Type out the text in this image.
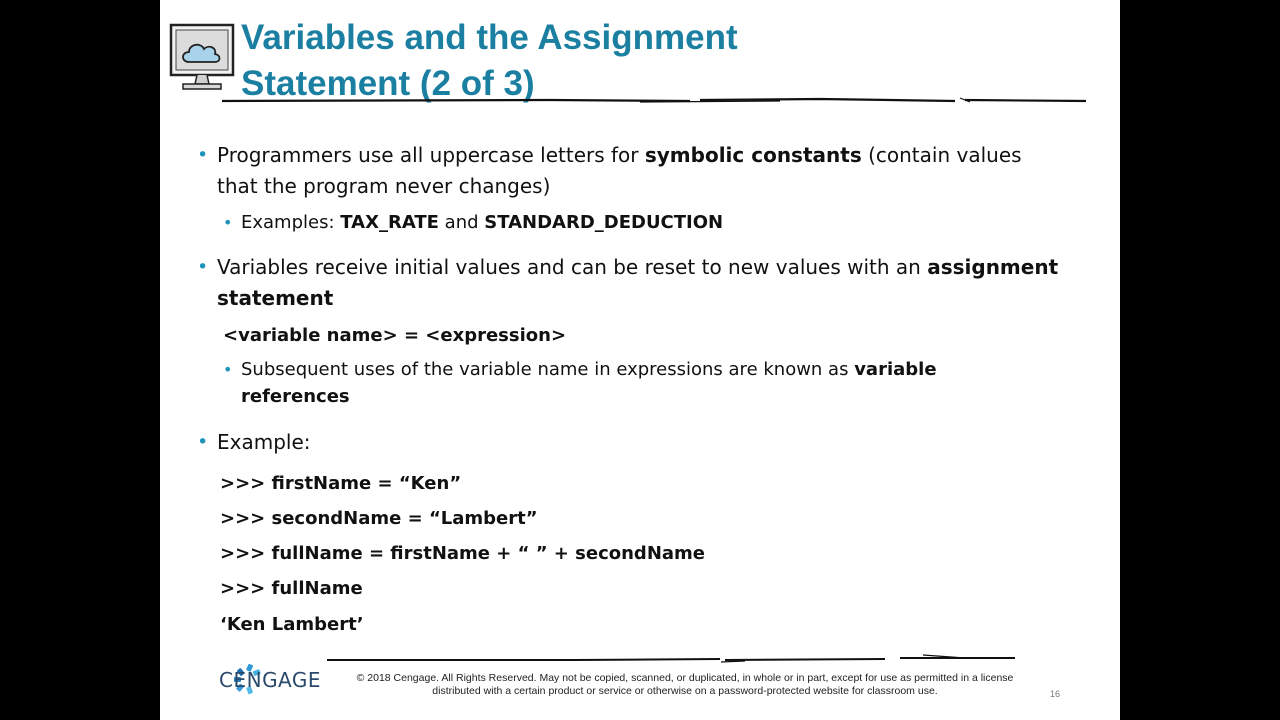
Variables and the Assignment
Statement (2 of 3)
• Programmers use all uppercase letters for symbolic constants (contain values that the program never changes)
• Examples: TAX_RATE and STANDARD_DEDUCTION
• Variables receive initial values and can be reset to new values with an assignment statement
<variable name> = <expression>
• Subsequent uses of the variable name in expressions are known as variable references
• Example:
>>> firstName = “Ken”
>>> secondName = “Lambert”
>>> fullName = firstName + “ ” + secondName
>>> fullName
‘Ken Lambert’
CENGAGE	© 2018 Cengage. All Rights Reserved. May not be copied, scanned, or duplicated, in whole or in part, except for use as permitted in a license
distributed with a certain product or service or otherwise on a password-protected website for classroom use.	16
